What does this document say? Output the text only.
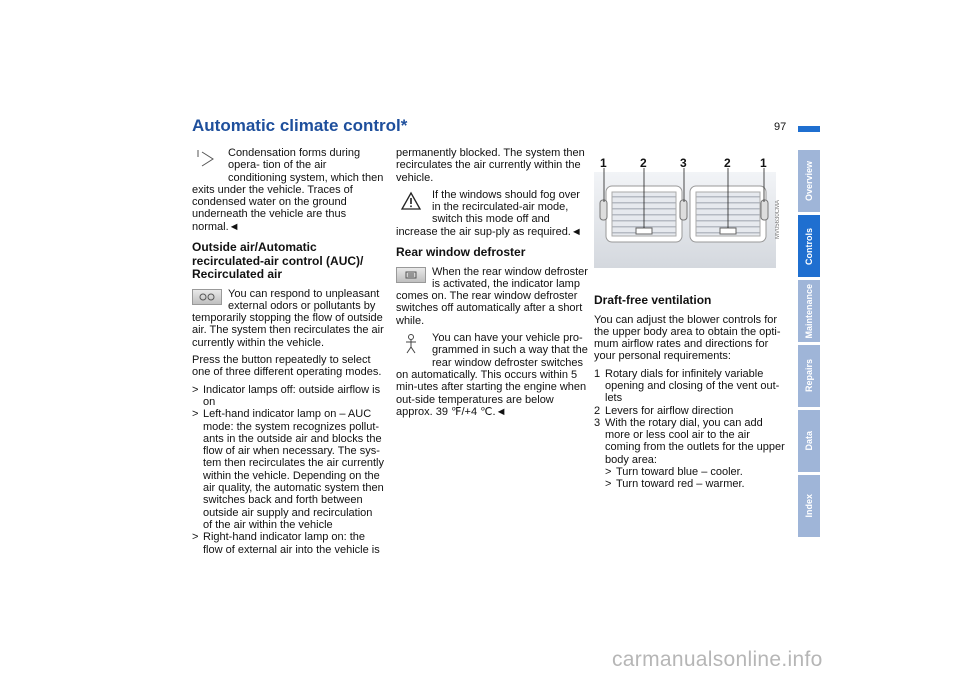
Automatic climate control*	97
Condensation forms during opera- tion of the air conditioning system, which then exits under the vehicle. Traces of condensed water on the ground underneath the vehicle are thus normal.◄
Outside air/Automatic recirculated-air control (AUC)/ Recirculated air
You can respond to unpleasant external odors or pollutants by temporarily stopping the flow of outside air. The system then recirculates the air currently within the vehicle.
Press the button repeatedly to select one of three different operating modes.
> Indicator lamps off: outside airflow is on
> Left-hand indicator lamp on – AUC mode: the system recognizes pollut-ants in the outside air and blocks the flow of air when necessary. The sys-tem then recirculates the air currently within the vehicle. Depending on the air quality, the automatic system then switches back and forth between outside air supply and recirculation of the air within the vehicle
> Right-hand indicator lamp on: the flow of external air into the vehicle is
permanently blocked. The system then recirculates the air currently within the vehicle.
If the windows should fog over in the recirculated-air mode, switch this mode off and increase the air sup-ply as required.◄
Rear window defroster
When the rear window defroster is activated, the indicator lamp comes on. The rear window defroster switches off automatically after a short while.
You can have your vehicle pro-grammed in such a way that the rear window defroster switches on automatically. This occurs within 5 min-utes after starting the engine when out-side temperatures are below approx. 39 ℉/+4 ℃.◄
1	2	3	2 1
MV05630CMA
Draft-free ventilation
You can adjust the blower controls for the upper body area to obtain the opti-mum airflow rates and directions for your personal requirements:
1 Rotary dials for infinitely variable opening and closing of the vent out-lets
2 Levers for airflow direction
3 With the rotary dial, you can add more or less cool air to the air coming from the outlets for the upper body area:
> Turn toward blue – cooler.
> Turn toward red – warmer.
Overview
Controls
Maintenance
Repairs
Data
Index
carmanualsonline.info
